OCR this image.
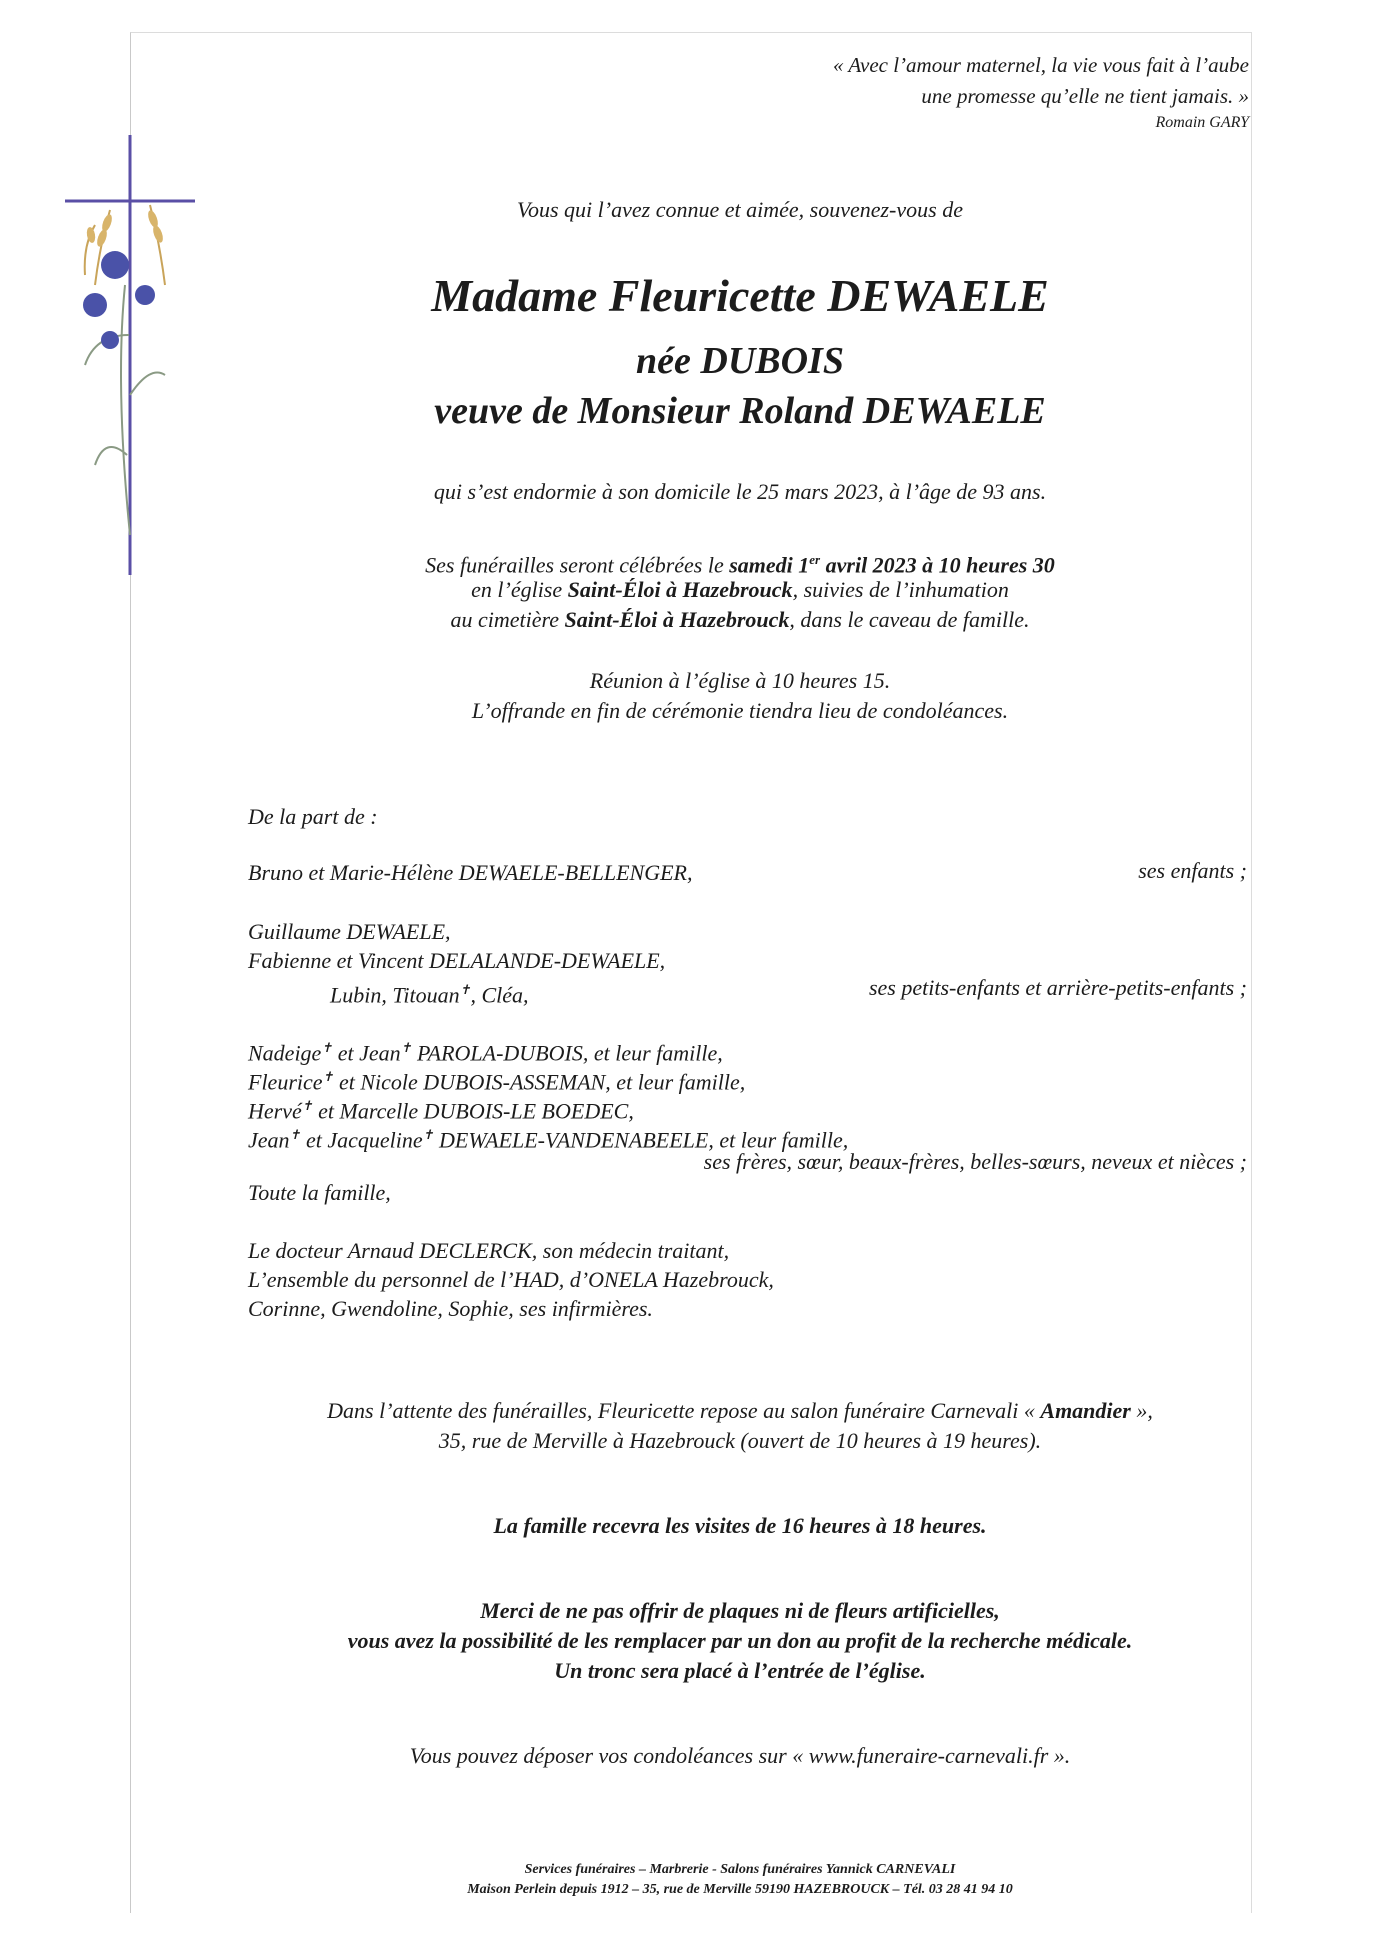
« Avec l’amour maternel, la vie vous fait à l’aube
une promesse qu’elle ne tient jamais. »
Romain GARY
Vous qui l’avez connue et aimée, souvenez-vous de
Madame Fleuricette DEWAELE
née DUBOIS
veuve de Monsieur Roland DEWAELE
qui s’est endormie à son domicile le 25 mars 2023, à l’âge de 93 ans.
Ses funérailles seront célébrées le samedi 1er avril 2023 à 10 heures 30
en l’église Saint-Éloi à Hazebrouck, suivies de l’inhumation
au cimetière Saint-Éloi à Hazebrouck, dans le caveau de famille.
Réunion à l’église à 10 heures 15.
L’offrande en fin de cérémonie tiendra lieu de condoléances.
De la part de :
Bruno et Marie-Hélène DEWAELE-BELLENGER,	ses enfants ;
Guillaume DEWAELE,
Fabienne et Vincent DELALANDE-DEWAELE,
Lubin, Titouan✝, Cléa,	ses petits-enfants et arrière-petits-enfants ;
Nadeige✝ et Jean✝ PAROLA-DUBOIS, et leur famille,
Fleurice✝ et Nicole DUBOIS-ASSEMAN, et leur famille,
Hervé✝ et Marcelle DUBOIS-LE BOEDEC,
Jean✝ et Jacqueline✝ DEWAELE-VANDENABEELE, et leur famille,
ses frères, sœur, beaux-frères, belles-sœurs, neveux et nièces ;
Toute la famille,
Le docteur Arnaud DECLERCK, son médecin traitant,
L’ensemble du personnel de l’HAD, d’ONELA Hazebrouck,
Corinne, Gwendoline, Sophie, ses infirmières.
Dans l’attente des funérailles, Fleuricette repose au salon funéraire Carnevali « Amandier »,
35, rue de Merville à Hazebrouck (ouvert de 10 heures à 19 heures).
La famille recevra les visites de 16 heures à 18 heures.
Merci de ne pas offrir de plaques ni de fleurs artificielles,
vous avez la possibilité de les remplacer par un don au profit de la recherche médicale.
Un tronc sera placé à l’entrée de l’église.
Vous pouvez déposer vos condoléances sur « www.funeraire-carnevali.fr ».
Services funéraires – Marbrerie - Salons funéraires Yannick CARNEVALI
Maison Perlein depuis 1912 – 35, rue de Merville 59190 HAZEBROUCK – Tél. 03 28 41 94 10
